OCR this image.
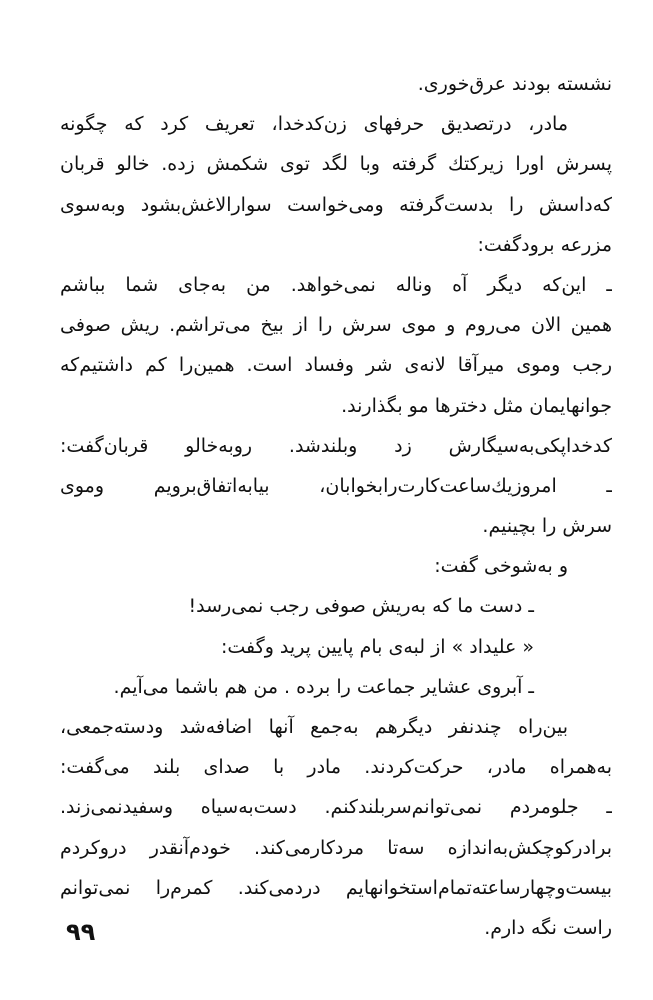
نشسته بودند عرق‌خوری.
مادر، درتصدیق حرفهای زن‌کدخدا، تعریف کرد که چگونه
پسرش اورا زیرکتك گرفته وبا لگد توی شکمش زده. خالو قربان
که‌داسش را بدست‌گرفته ومی‌خواست سوارالاغش‌بشود وبه‌سوی
مزرعه برودگفت:
ـ این‌که دیگر آه وناله نمی‌خواهد. من به‌جای شما بباشم
همین الان می‌روم و موی سرش را از بیخ می‌تراشم. ریش صوفی
رجب وموی میرآقا لانه‌ی شر وفساد است. همین‌را کم داشتیم‌که
جوانهایمان مثل دخترها مو بگذارند.
کدخداپکی‌به‌سیگارش زد وبلندشد. روبه‌خالو قربان‌گفت:
ـ امروزیك‌ساعت‌کارت‌رابخوابان، بیابه‌اتفاق‌برویم وموی
سرش را بچینیم.
و به‌شوخی گفت:
ـ دست ما که به‌ریش صوفی رجب نمی‌رسد!
« علیداد » از لبه‌ی بام پایین پرید وگفت:
ـ آبروی عشایر جماعت را برده . من هم باشما می‌آیم.
بین‌راه چندنفر دیگرهم به‌جمع آنها اضافه‌شد ودسته‌جمعی،
به‌همراه مادر، حرکت‌کردند. مادر با صدای بلند می‌گفت:
ـ جلومردم نمی‌توانم‌سربلندکنم. دست‌به‌سیاه وسفیدنمی‌زند.
برادرکوچکش‌به‌اندازه سه‌تا مردکارمی‌کند. خودم‌آنقدر دروکردم
بیست‌وچهارساعته‌تمام‌استخوانهایم دردمی‌کند. کمرم‌را نمی‌توانم
راست نگه دارم.
۹۹
